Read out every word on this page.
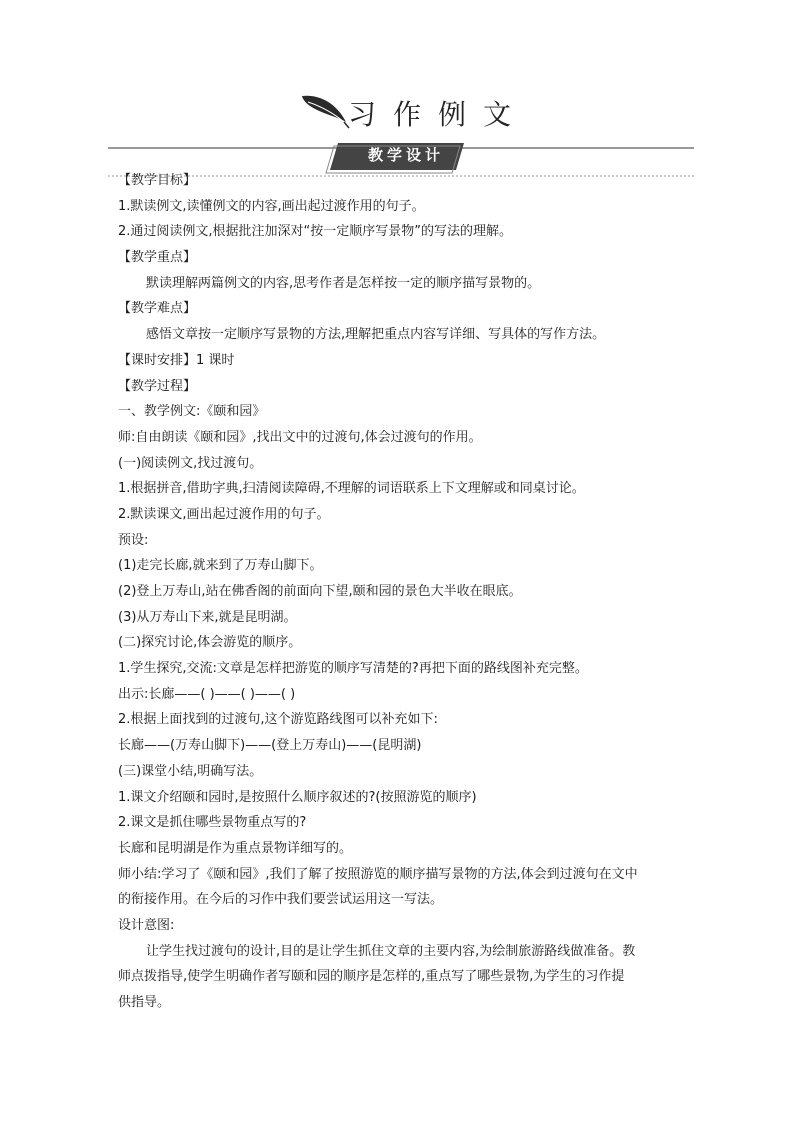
习作例文
教学设计
【教学目标】
1.默读例文,读懂例文的内容,画出起过渡作用的句子。
2.通过阅读例文,根据批注加深对“按一定顺序写景物”的写法的理解。
【教学重点】
默读理解两篇例文的内容,思考作者是怎样按一定的顺序描写景物的。
【教学难点】
感悟文章按一定顺序写景物的方法,理解把重点内容写详细、写具体的写作方法。
【课时安排】1 课时
【教学过程】
一、教学例文:《颐和园》
师:自由朗读《颐和园》,找出文中的过渡句,体会过渡句的作用。
(一)阅读例文,找过渡句。
1.根据拼音,借助字典,扫清阅读障碍,不理解的词语联系上下文理解或和同桌讨论。
2.默读课文,画出起过渡作用的句子。
预设:
(1)走完长廊,就来到了万寿山脚下。
(2)登上万寿山,站在佛香阁的前面向下望,颐和园的景色大半收在眼底。
(3)从万寿山下来,就是昆明湖。
(二)探究讨论,体会游览的顺序。
1.学生探究,交流:文章是怎样把游览的顺序写清楚的?再把下面的路线图补充完整。
出示:长廊——( )——( )——( )
2.根据上面找到的过渡句,这个游览路线图可以补充如下:
长廊——(万寿山脚下)——(登上万寿山)——(昆明湖)
(三)课堂小结,明确写法。
1.课文介绍颐和园时,是按照什么顺序叙述的?(按照游览的顺序)
2.课文是抓住哪些景物重点写的?
长廊和昆明湖是作为重点景物详细写的。
师小结:学习了《颐和园》,我们了解了按照游览的顺序描写景物的方法,体会到过渡句在文中
的衔接作用。在今后的习作中我们要尝试运用这一写法。
设计意图:
让学生找过渡句的设计,目的是让学生抓住文章的主要内容,为绘制旅游路线做准备。教
师点拨指导,使学生明确作者写颐和园的顺序是怎样的,重点写了哪些景物,为学生的习作提
供指导。
